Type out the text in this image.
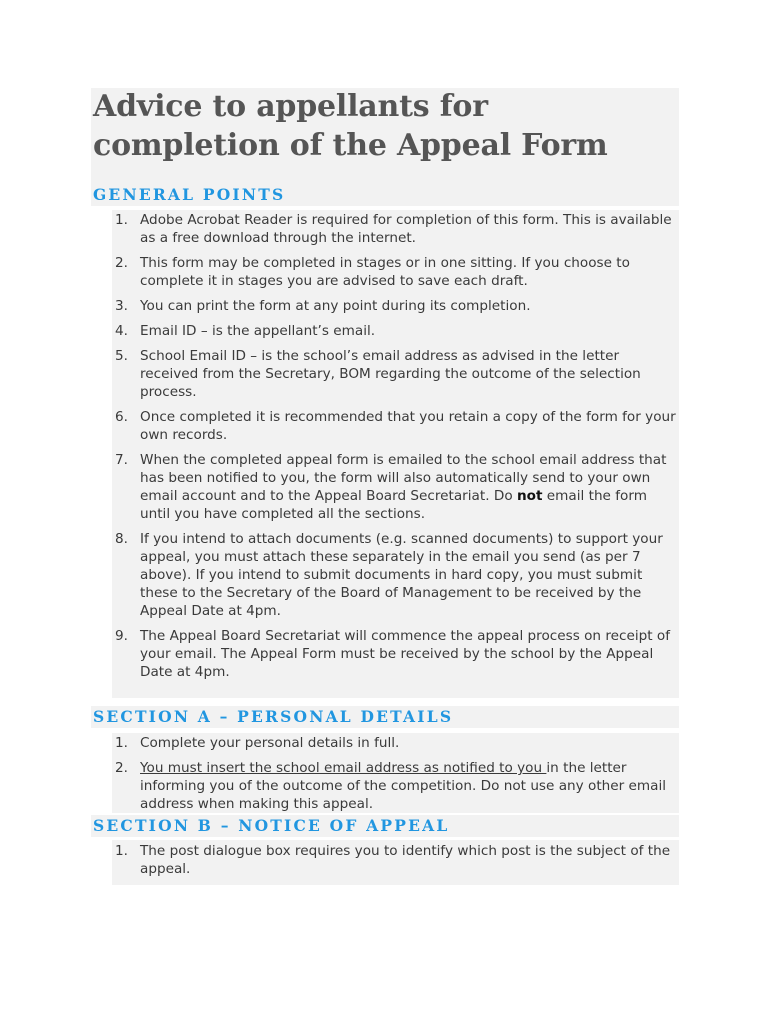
Advice to appellants for completion of the Appeal Form
GENERAL POINTS
1. Adobe Acrobat Reader is required for completion of this form. This is available as a free download through the internet.
2. This form may be completed in stages or in one sitting. If you choose to complete it in stages you are advised to save each draft.
3. You can print the form at any point during its completion.
4. Email ID – is the appellant’s email.
5. School Email ID – is the school’s email address as advised in the letter received from the Secretary, BOM regarding the outcome of the selection process.
6. Once completed it is recommended that you retain a copy of the form for your own records.
7. When the completed appeal form is emailed to the school email address that has been notified to you, the form will also automatically send to your own email account and to the Appeal Board Secretariat. Do not email the form until you have completed all the sections.
8. If you intend to attach documents (e.g. scanned documents) to support your appeal, you must attach these separately in the email you send (as per 7 above). If you intend to submit documents in hard copy, you must submit these to the Secretary of the Board of Management to be received by the Appeal Date at 4pm.
9. The Appeal Board Secretariat will commence the appeal process on receipt of your email. The Appeal Form must be received by the school by the Appeal Date at 4pm.
SECTION A – PERSONAL DETAILS
1. Complete your personal details in full.
2. You must insert the school email address as notified to you in the letter informing you of the outcome of the competition. Do not use any other email address when making this appeal.
SECTION B – NOTICE OF APPEAL
1. The post dialogue box requires you to identify which post is the subject of the appeal.
